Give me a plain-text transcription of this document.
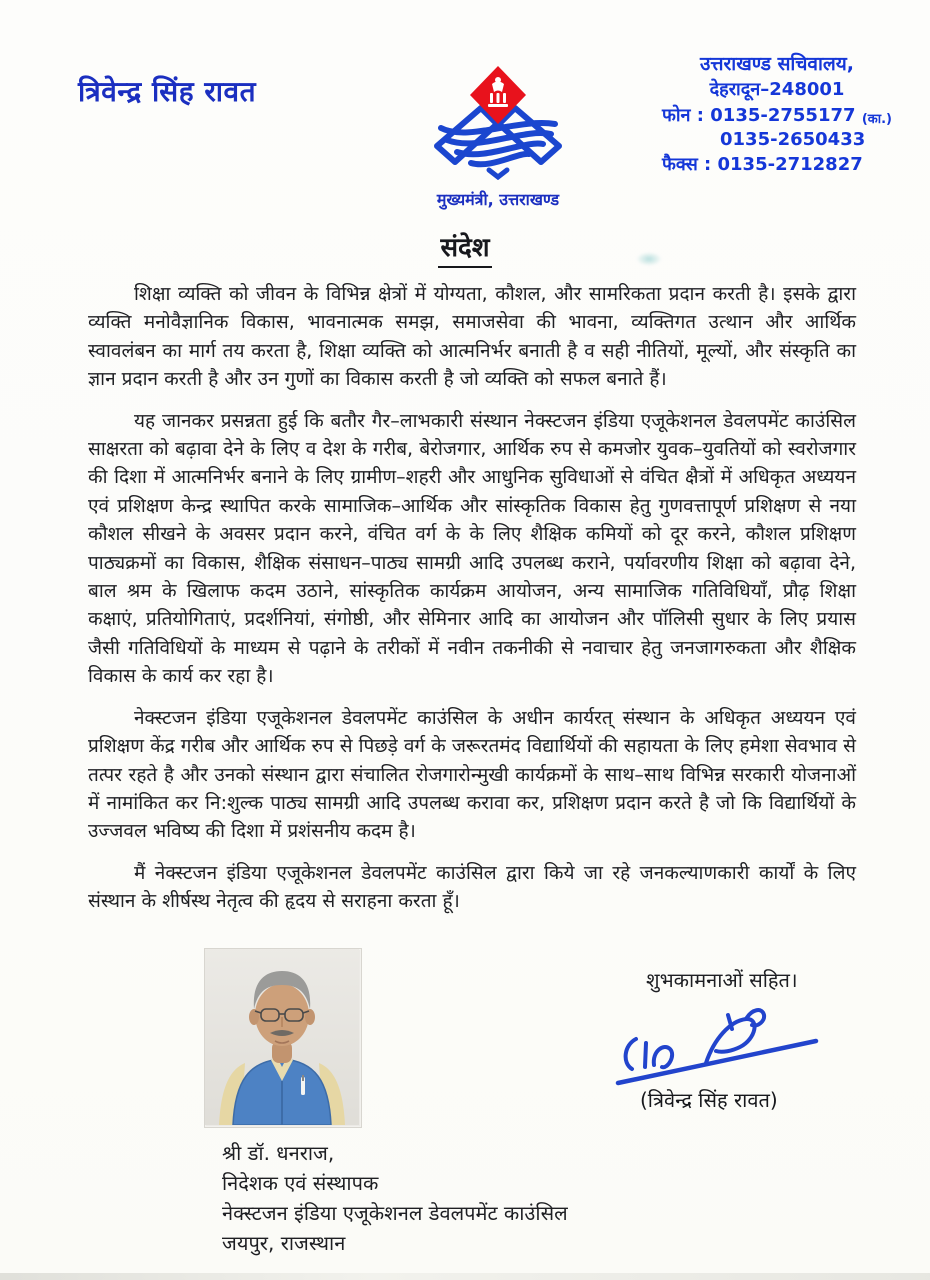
त्रिवेन्द्र सिंह रावत
मुख्यमंत्री, उत्तराखण्ड
उत्तराखण्ड सचिवालय,
देहरादून–248001
फोन : 0135-2755177 (का.)
0135-2650433
फैक्स : 0135-2712827
संदेश

शिक्षा व्यक्ति को जीवन के विभिन्न क्षेत्रों में योग्यता, कौशल, और सामरिकता प्रदान करती है। इसके द्वारा व्यक्ति मनोवैज्ञानिक विकास, भावनात्मक समझ, समाजसेवा की भावना, व्यक्तिगत उत्थान और आर्थिक स्वावलंबन का मार्ग तय करता है, शिक्षा व्यक्ति को आत्मनिर्भर बनाती है व सही नीतियों, मूल्यों, और संस्कृति का ज्ञान प्रदान करती है और उन गुणों का विकास करती है जो व्यक्ति को सफल बनाते हैं।

यह जानकर प्रसन्नता हुई कि बतौर गैर–लाभकारी संस्थान नेक्स्टजन इंडिया एजूकेशनल डेवलपमेंट काउंसिल साक्षरता को बढ़ावा देने के लिए व देश के गरीब, बेरोजगार, आर्थिक रुप से कमजोर युवक–युवतियों को स्वरोजगार की दिशा में आत्मनिर्भर बनाने के लिए ग्रामीण–शहरी और आधुनिक सुविधाओं से वंचित क्षैत्रों में अधिकृत अध्ययन एवं प्रशिक्षण केन्द्र स्थापित करके सामाजिक–आर्थिक और सांस्कृतिक विकास हेतु गुणवत्तापूर्ण प्रशिक्षण से नया कौशल सीखने के अवसर प्रदान करने, वंचित वर्ग के के लिए शैक्षिक कमियों को दूर करने, कौशल प्रशिक्षण पाठ्यक्रमों का विकास, शैक्षिक संसाधन–पाठ्य सामग्री आदि उपलब्ध कराने, पर्यावरणीय शिक्षा को बढ़ावा देने, बाल श्रम के खिलाफ कदम उठाने, सांस्कृतिक कार्यक्रम आयोजन, अन्य सामाजिक गतिविधियाँ, प्रौढ़ शिक्षा कक्षाएं, प्रतियोगिताएं, प्रदर्शनियां, संगोष्ठी, और सेमिनार आदि का आयोजन और पॉलिसी सुधार के लिए प्रयास जैसी गतिविधियों के माध्यम से पढ़ाने के तरीकों में नवीन तकनीकी से नवाचार हेतु जनजागरुकता और शैक्षिक विकास के कार्य कर रहा है।

नेक्स्टजन इंडिया एजूकेशनल डेवलपमेंट काउंसिल के अधीन कार्यरत् संस्थान के अधिकृत अध्ययन एवं प्रशिक्षण केंद्र गरीब और आर्थिक रुप से पिछड़े वर्ग के जरूरतमंद विद्यार्थियों की सहायता के लिए हमेशा सेवभाव से तत्पर रहते है और उनको संस्थान द्वारा संचालित रोजगारोन्मुखी कार्यक्रमों के साथ–साथ विभिन्न सरकारी योजनाओं में नामांकित कर नि:शुल्क पाठ्य सामग्री आदि उपलब्ध करावा कर, प्रशिक्षण प्रदान करते है जो कि विद्यार्थियों के उज्जवल भविष्य की दिशा में प्रशंसनीय कदम है।

मैं नेक्स्टजन इंडिया एजूकेशनल डेवलपमेंट काउंसिल द्वारा किये जा रहे जनकल्याणकारी कार्यों के लिए संस्थान के शीर्षस्थ नेतृत्व की हृदय से सराहना करता हूँ।

शुभकामनाओं सहित।
(त्रिवेन्द्र सिंह रावत)
श्री डॉ. धनराज,
निदेशक एवं संस्थापक
नेक्स्टजन इंडिया एजूकेशनल डेवलपमेंट काउंसिल
जयपुर, राजस्थान
